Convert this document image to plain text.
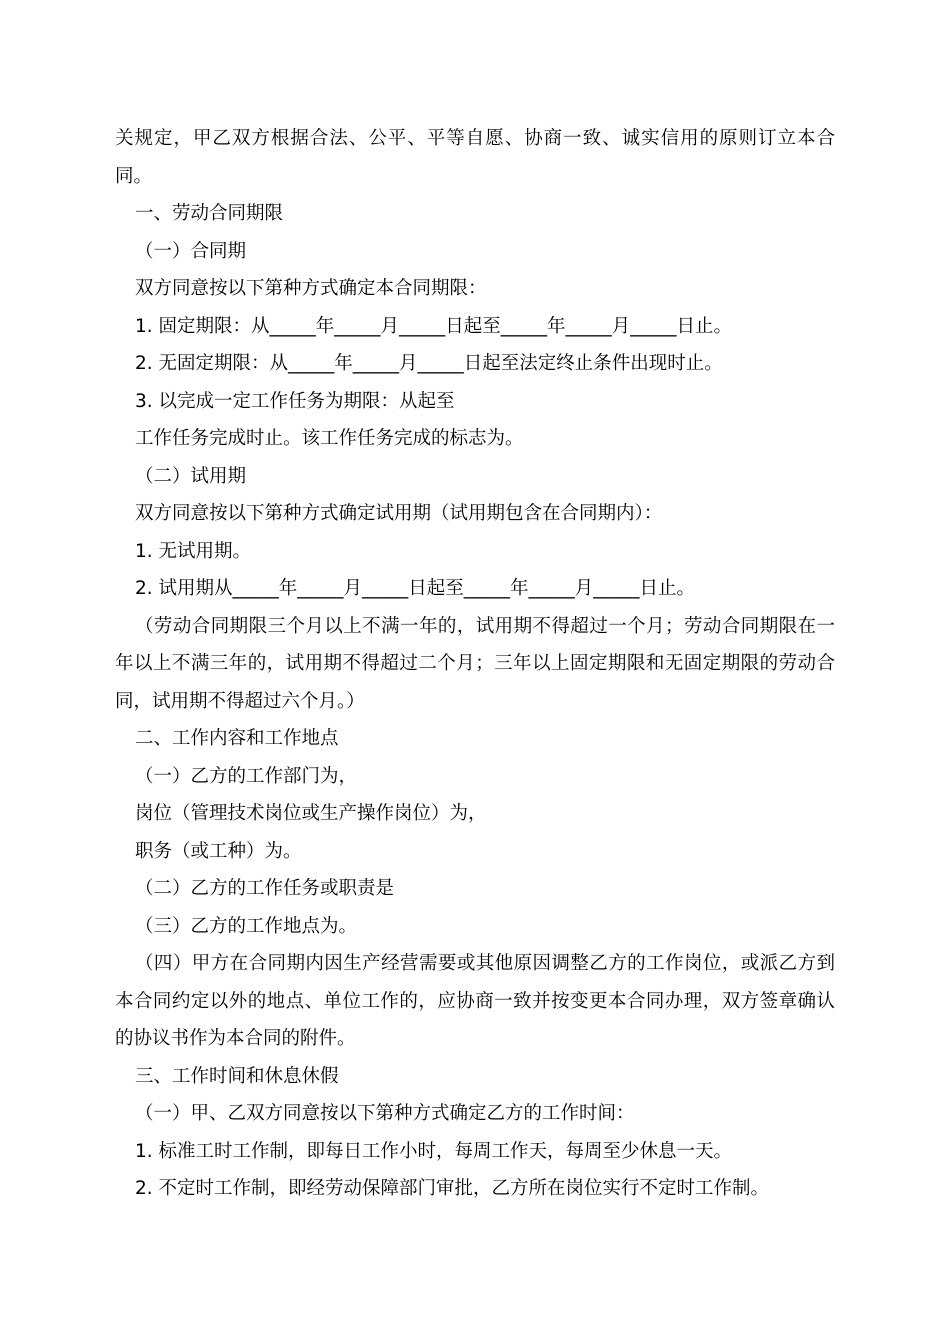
关规定，甲乙双方根据合法、公平、平等自愿、协商一致、诚实信用的原则订立本合同。

一、劳动合同期限

（一）合同期

双方同意按以下第种方式确定本合同期限：

1. 固定期限：从_____年_____月_____日起至_____年_____月_____日止。

2. 无固定期限：从_____年_____月_____日起至法定终止条件出现时止。

3. 以完成一定工作任务为期限：从起至

工作任务完成时止。该工作任务完成的标志为。

（二）试用期

双方同意按以下第种方式确定试用期（试用期包含在合同期内）：

1. 无试用期。

2. 试用期从_____年_____月_____日起至_____年_____月_____日止。

（劳动合同期限三个月以上不满一年的，试用期不得超过一个月；劳动合同期限在一年以上不满三年的，试用期不得超过二个月；三年以上固定期限和无固定期限的劳动合同，试用期不得超过六个月。）

二、工作内容和工作地点

（一）乙方的工作部门为，

岗位（管理技术岗位或生产操作岗位）为，

职务（或工种）为。

（二）乙方的工作任务或职责是

（三）乙方的工作地点为。

（四）甲方在合同期内因生产经营需要或其他原因调整乙方的工作岗位，或派乙方到本合同约定以外的地点、单位工作的，应协商一致并按变更本合同办理，双方签章确认的协议书作为本合同的附件。

三、工作时间和休息休假

（一）甲、乙双方同意按以下第种方式确定乙方的工作时间：

1. 标准工时工作制，即每日工作小时，每周工作天，每周至少休息一天。

2. 不定时工作制，即经劳动保障部门审批，乙方所在岗位实行不定时工作制。
